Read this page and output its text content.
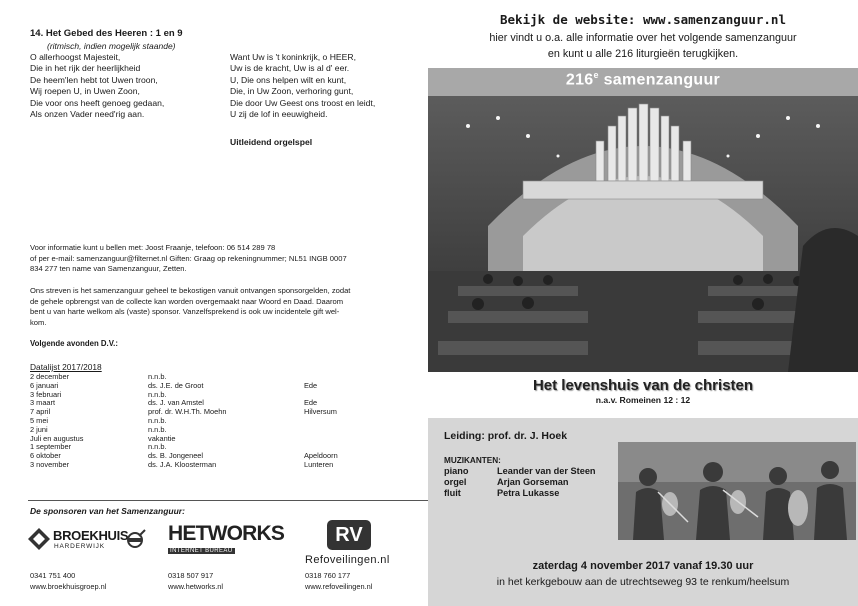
14. Het Gebed des Heeren : 1 en 9
(ritmisch, indien mogelijk staande)
O allerhoogst Majesteit,
Die in het rijk der heerlijkheid
De heem'len hebt tot Uwen troon,
Wij roepen U, in Uwen Zoon,
Die voor ons heeft genoeg gedaan,
Als onzen Vader need'rig aan.
Want Uw is 't koninkrijk, o HEER,
Uw is de kracht, Uw is al d' eer.
U, Die ons helpen wilt en kunt,
Die, in Uw Zoon, verhoring gunt,
Die door Uw Geest ons troost en leidt,
U zij de lof in eeuwigheid.
Uitleidend orgelspel
Voor informatie kunt u bellen met: Joost Fraanje, telefoon: 06 514 289 78
of per e-mail: samenzanguur@filternet.nl Giften: Graag op rekeningnummer; NL51 INGB 0007
834 277 ten name van Samenzanguur, Zetten.
Ons streven is het samenzanguur geheel te bekostigen vanuit ontvangen sponsorgelden, zodat
de gehele opbrengst van de collecte kan worden overgemaakt naar Woord en Daad. Daarom
bent u van harte welkom als (vaste) sponsor. Vanzelfsprekend is ook uw incidentele gift wel-
kom.
Volgende avonden D.V.:
Datalijst 2017/2018
2 december	n.n.b.	
6 januari	ds. J.E. de Groot	Ede
3 februari	n.n.b.	
3 maart	ds. J. van Amstel	Ede
7 april	prof. dr. W.H.Th. Moehn	Hilversum
5 mei	n.n.b.	
2 juni	n.n.b.	
Juli en augustus	vakantie	
1 september	n.n.b.	
6 oktober	ds. B. Jongeneel	Apeldoorn
3 november	ds. J.A. Kloosterman	Lunteren
De sponsoren van het Samenzanguur:
BROEKHUIS
HARDERWIJK
HETWORKS
INTERNET BUREAU
RV
Refoveilingen.nl
0341 751 400
www.broekhuisgroep.nl
0318 507 917
www.hetworks.nl
0318 760 177
www.refoveilingen.nl
Bekijk de website: www.samenzanguur.nl
hier vindt u o.a. alle informatie over het volgende samenzanguur
en kunt u alle 216 liturgieën terugkijken.
216e samenzanguur
Het levenshuis van de christen
n.a.v. Romeinen 12 : 12
Leiding: prof. dr. J. Hoek
MUZIKANTEN:
piano	Leander van der Steen
orgel	Arjan Gorseman
fluit	Petra Lukasse
zaterdag 4 november 2017 vanaf 19.30 uur
in het kerkgebouw aan de utrechtseweg 93 te renkum/heelsum
